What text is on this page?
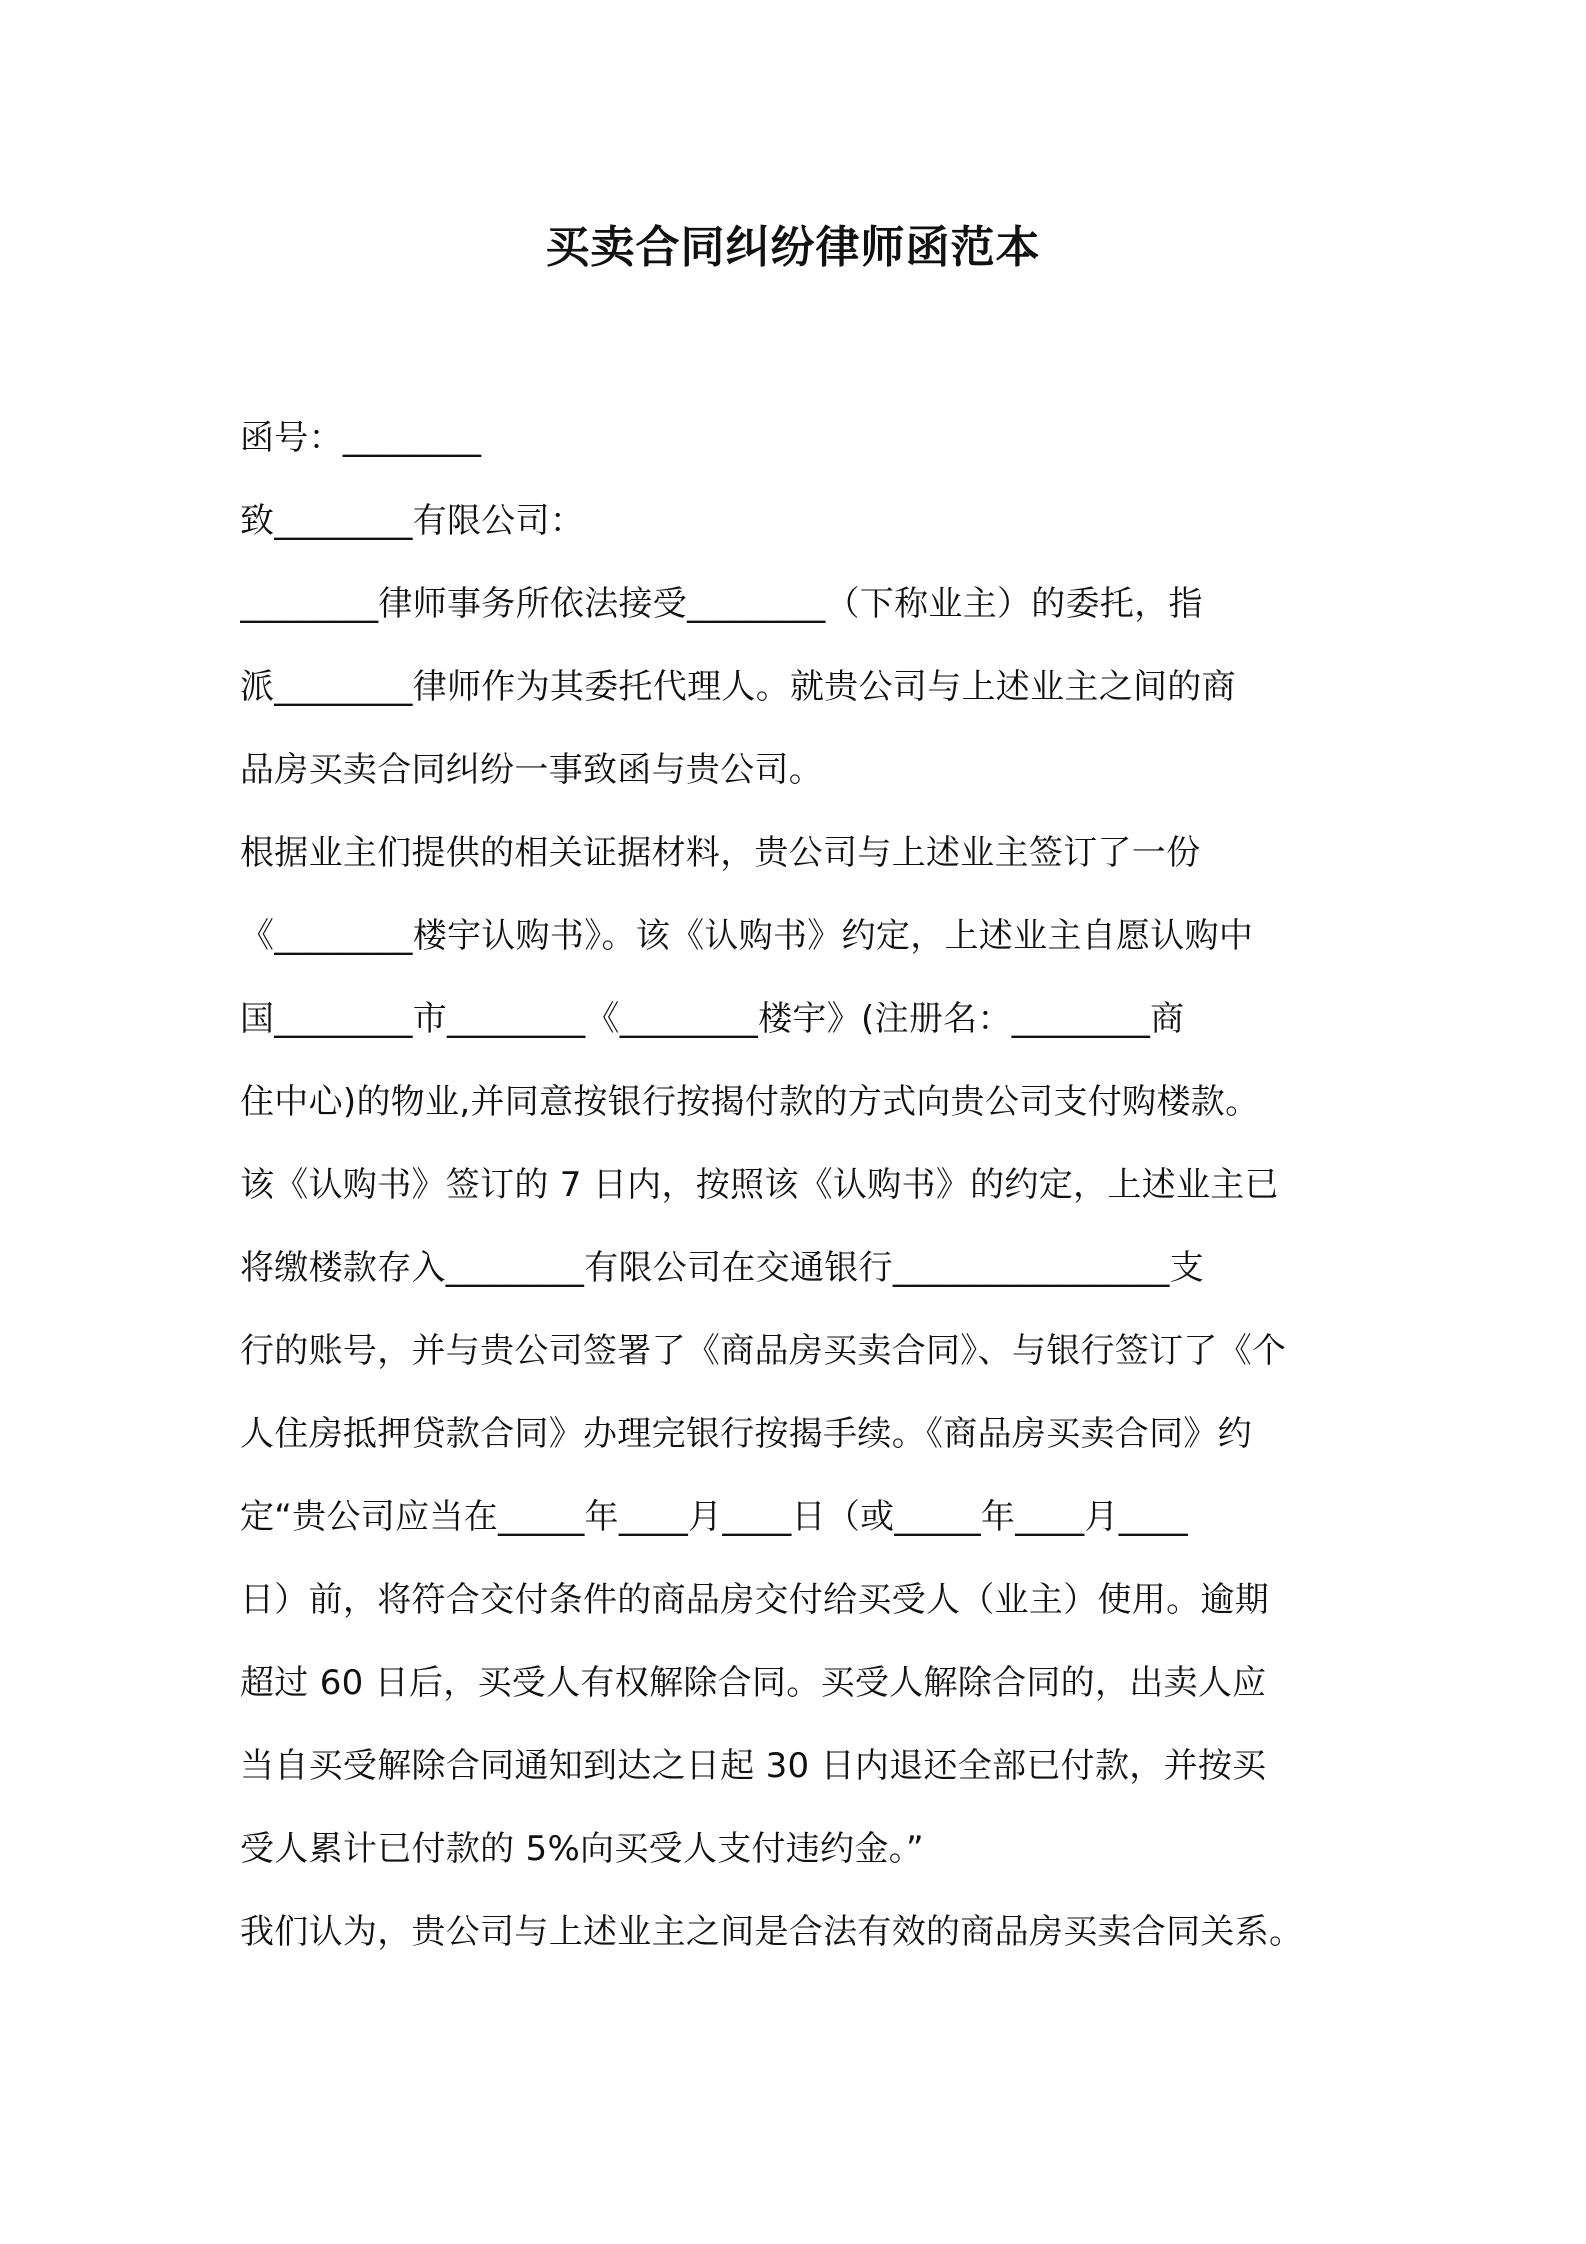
买卖合同纠纷律师函范本
函号：________
致________有限公司：
________律师事务所依法接受________（下称业主）的委托，指
派________律师作为其委托代理人。就贵公司与上述业主之间的商
品房买卖合同纠纷一事致函与贵公司。
根据业主们提供的相关证据材料，贵公司与上述业主签订了一份
《________楼宇认购书》。该《认购书》约定，上述业主自愿认购中
国________市________《________楼宇》(注册名：________商
住中心)的物业,并同意按银行按揭付款的方式向贵公司支付购楼款。
该《认购书》签订的 7 日内，按照该《认购书》的约定，上述业主已
将缴楼款存入________有限公司在交通银行________________支
行的账号，并与贵公司签署了《商品房买卖合同》、与银行签订了《个
人住房抵押贷款合同》办理完银行按揭手续。《商品房买卖合同》约
定“贵公司应当在_____年____月____日（或_____年____月____
日）前，将符合交付条件的商品房交付给买受人（业主）使用。逾期
超过 60 日后，买受人有权解除合同。买受人解除合同的，出卖人应
当自买受解除合同通知到达之日起 30 日内退还全部已付款，并按买
受人累计已付款的 5%向买受人支付违约金。”
我们认为，贵公司与上述业主之间是合法有效的商品房买卖合同关系。
